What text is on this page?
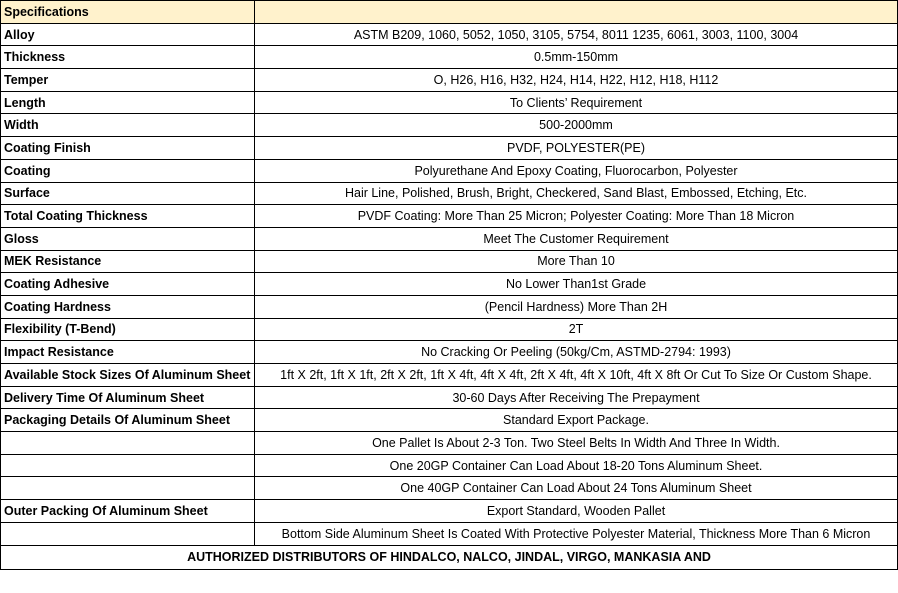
Specifications	
Alloy	ASTM B209, 1060, 5052, 1050, 3105, 5754, 8011 1235, 6061, 3003, 1100, 3004
Thickness	0.5mm-150mm
Temper	O, H26, H16, H32, H24, H14, H22, H12, H18, H112
Length	To Clients’ Requirement
Width	500-2000mm
Coating Finish	PVDF, POLYESTER(PE)
Coating	Polyurethane And Epoxy Coating, Fluorocarbon, Polyester
Surface	Hair Line, Polished, Brush, Bright, Checkered, Sand Blast, Embossed, Etching, Etc.
Total Coating Thickness	PVDF Coating: More Than 25 Micron; Polyester Coating: More Than 18 Micron
Gloss	Meet The Customer Requirement
MEK Resistance	More Than 10
Coating Adhesive	No Lower Than1st Grade
Coating Hardness	(Pencil Hardness) More Than 2H
Flexibility (T-Bend)	2T
Impact Resistance	No Cracking Or Peeling (50kg/Cm, ASTMD-2794: 1993)
Available Stock Sizes Of Aluminum Sheet	1ft X 2ft, 1ft X 1ft, 2ft X 2ft, 1ft X 4ft, 4ft X 4ft, 2ft X 4ft, 4ft X 10ft, 4ft X 8ft Or Cut To Size Or Custom Shape.
Delivery Time Of Aluminum Sheet	30-60 Days After Receiving The Prepayment
Packaging Details Of Aluminum Sheet	Standard Export Package.
	One Pallet Is About 2-3 Ton. Two Steel Belts In Width And Three In Width.
	One 20GP Container Can Load About 18-20 Tons Aluminum Sheet.
	One 40GP Container Can Load About 24 Tons Aluminum Sheet
Outer Packing Of Aluminum Sheet	Export Standard, Wooden Pallet
	Bottom Side Aluminum Sheet Is Coated With Protective Polyester Material, Thickness More Than 6 Micron
AUTHORIZED DISTRIBUTORS OF HINDALCO, NALCO, JINDAL, VIRGO, MANKASIA AND	
